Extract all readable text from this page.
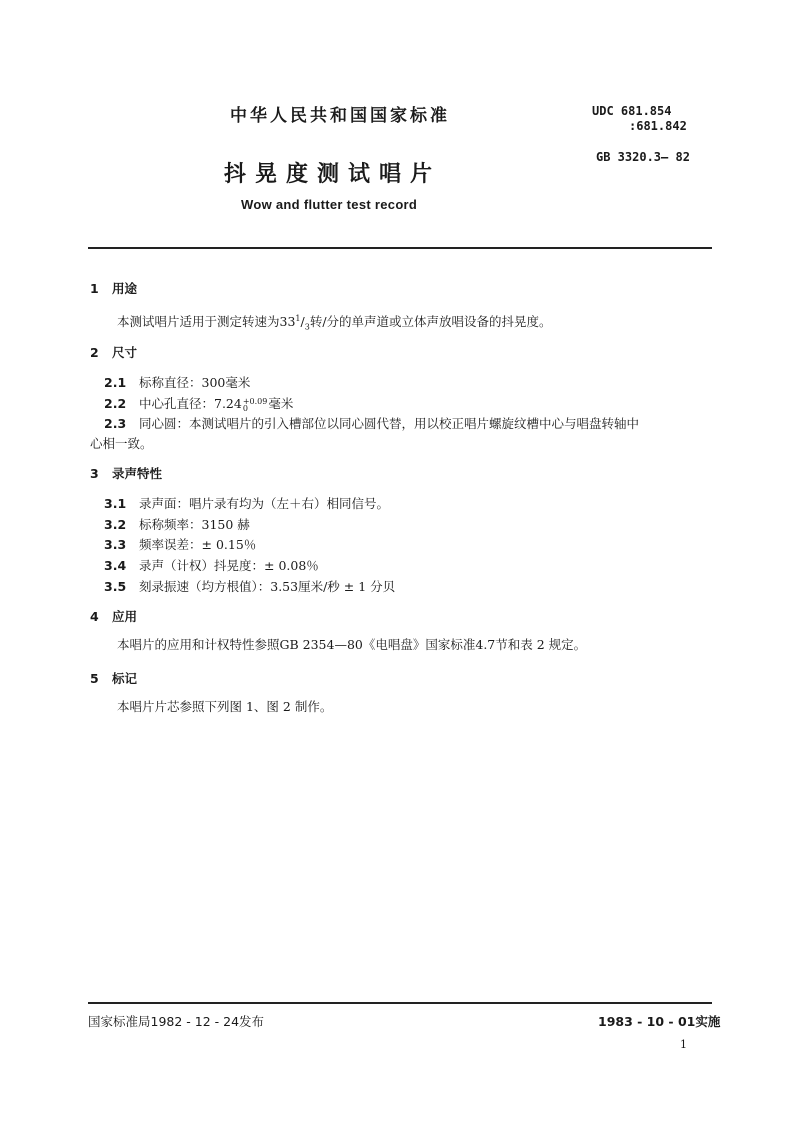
中华人民共和国国家标准	UDC 681.854
:681.842
GB 3320.3— 82
抖晃度测试唱片
Wow and flutter test record
1 用途
本测试唱片适用于测定转速为$33^1/_3$转/分的单声道或立体声放唱设备的抖晃度。
2 尺寸
2.1 标称直径：300毫米
2.2 中心孔直径：7.24 +0.09
0	毫米
2.3 同心圆：本测试唱片的引入槽部位以同心圆代替，用以校正唱片螺旋纹槽中心与唱盘转轴中
心相一致。
3 录声特性
3.1 录声面：唱片录有均为（左＋右）相同信号。
3.2 标称频率：3150 赫
3.3 频率误差：± 0.15％
3.4 录声（计权）抖晃度：± 0.08％
3.5 刻录振速（均方根值）：3.53厘米/秒 ± 1 分贝
4 应用
本唱片的应用和计权特性参照GB 2354—80《电唱盘》国家标准4.7节和表 2 规定。
5 标记
本唱片片芯参照下列图 1、图 2 制作。
国家标准局1982 - 12 - 24发布	1983 - 10 - 01实施
1
